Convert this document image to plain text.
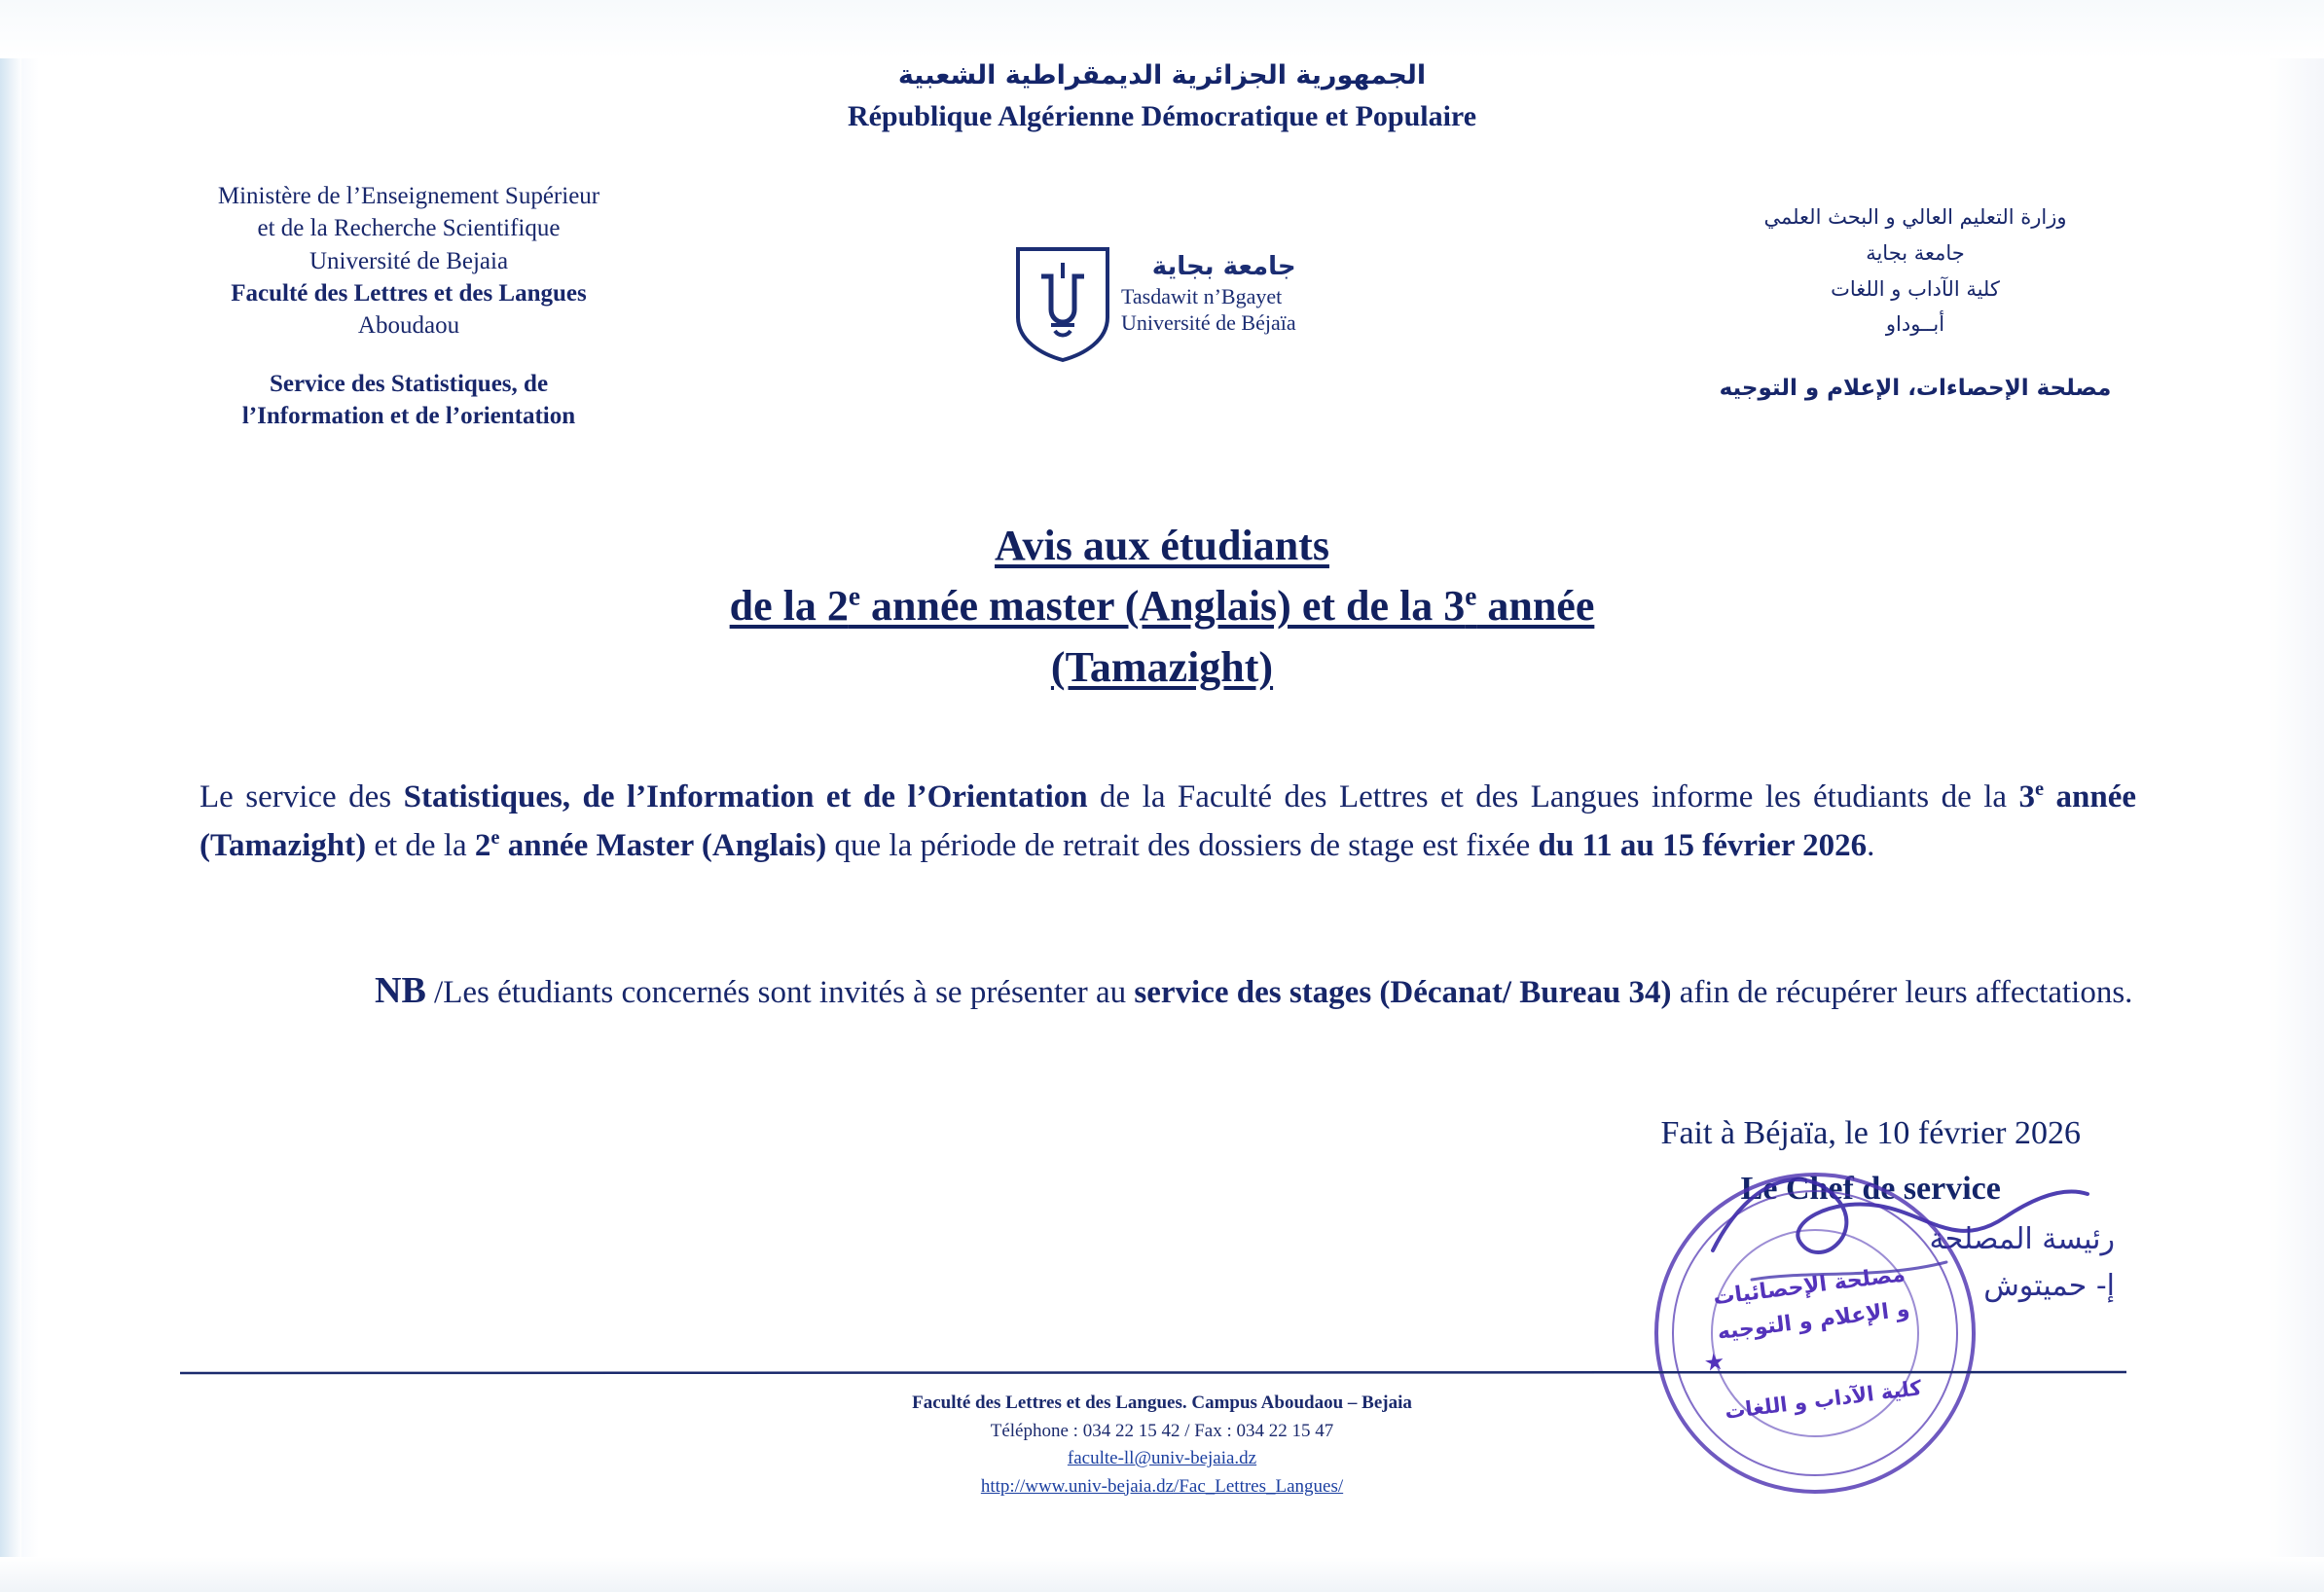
الجمهورية الجزائرية الديمقراطية الشعبية
République Algérienne Démocratique et Populaire
Ministère de l’Enseignement Supérieur
et de la Recherche Scientifique
Université de Bejaia
Faculté des Lettres et des Langues
Aboudaou
Service des Statistiques, de
l’Information et de l’orientation
وزارة التعليم العالي و البحث العلمي
جامعة بجاية
كلية الآداب و اللغات
أبــوداو
مصلحة الإحصاءات، الإعلام و التوجيه
جامعة بجاية
Tasdawit n’Bgayet
Université de Béjaïa
Avis aux étudiants
de la 2e année master (Anglais) et de la 3e année
(Tamazight)
Le service des Statistiques, de l’Information et de l’Orientation de la Faculté des Lettres et des Langues informe les étudiants de la 3e année (Tamazight) et de la 2e année Master (Anglais) que la période de retrait des dossiers de stage est fixée du 11 au 15 février 2026.
NB /Les étudiants concernés sont invités à se présenter au service des stages (Décanat/ Bureau 34) afin de récupérer leurs affectations.
Fait à Béjaïa, le 10 février 2026
Le Chef de service
رئيسة المصلحة
إ- حميتوش
مصلحة الإحصائيات
و الإعلام و التوجيه
كلية الآداب و اللغات
★
Faculté des Lettres et des Langues. Campus Aboudaou – Bejaia
Téléphone : 034 22 15 42 / Fax : 034 22 15 47
faculte-ll@univ-bejaia.dz
http://www.univ-bejaia.dz/Fac_Lettres_Langues/
